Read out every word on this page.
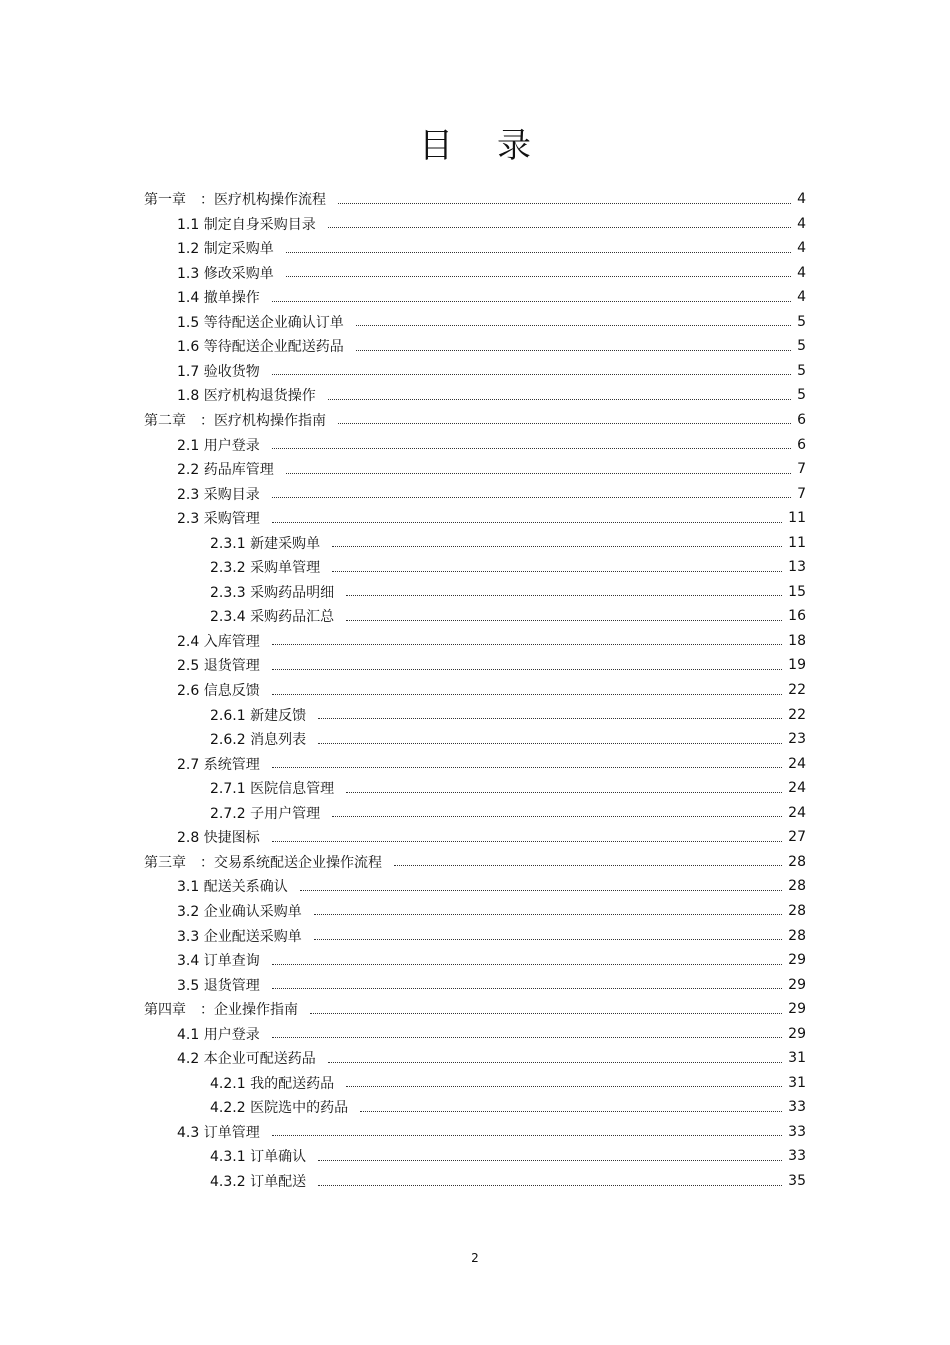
目 录
第一章　：医疗机构操作流程	4
1.1 制定自身采购目录	4
1.2 制定采购单	4
1.3 修改采购单	4
1.4 撤单操作	4
1.5 等待配送企业确认订单	5
1.6 等待配送企业配送药品	5
1.7 验收货物	5
1.8 医疗机构退货操作	5
第二章　：医疗机构操作指南	6
2.1 用户登录	6
2.2 药品库管理	7
2.3 采购目录	7
2.3 采购管理	11
2.3.1 新建采购单	11
2.3.2 采购单管理	13
2.3.3 采购药品明细	15
2.3.4 采购药品汇总	16
2.4 入库管理	18
2.5 退货管理	19
2.6 信息反馈	22
2.6.1 新建反馈	22
2.6.2 消息列表	23
2.7 系统管理	24
2.7.1 医院信息管理	24
2.7.2 子用户管理	24
2.8 快捷图标	27
第三章　：交易系统配送企业操作流程	28
3.1 配送关系确认	28
3.2 企业确认采购单	28
3.3 企业配送采购单	28
3.4 订单查询	29
3.5 退货管理	29
第四章　：企业操作指南	29
4.1 用户登录	29
4.2 本企业可配送药品	31
4.2.1 我的配送药品	31
4.2.2 医院选中的药品	33
4.3 订单管理	33
4.3.1 订单确认	33
4.3.2 订单配送	35
2
